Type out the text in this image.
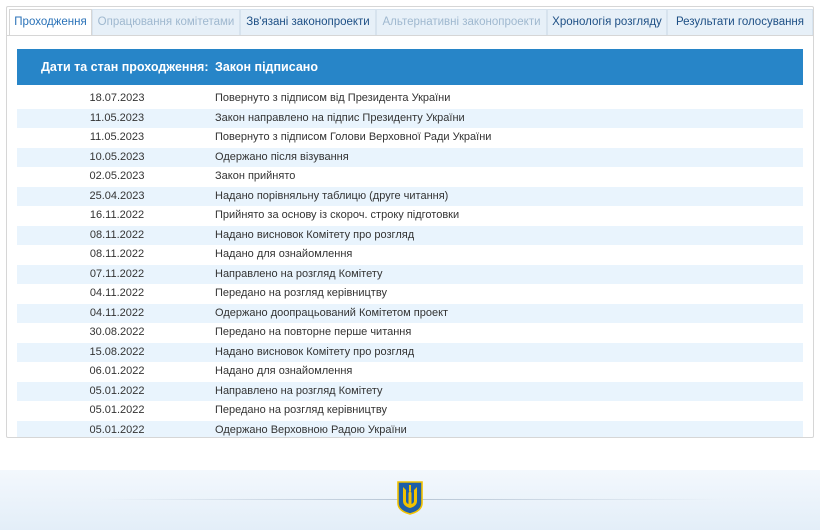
Проходження Опрацювання комітетами	Зв'язані законопроекти	Альтернативні законопроекти	Хронологія розгляду	Результати голосування
Дати та стан проходження: Закон підписано
18.07.2023	Повернуто з підписом від Президента України
11.05.2023	Закон направлено на підпис Президенту України
11.05.2023	Повернуто з підписом Голови Верховної Ради України
10.05.2023	Одержано після візування
02.05.2023	Закон прийнято
25.04.2023	Надано порівняльну таблицю (друге читання)
16.11.2022	Прийнято за основу із скороч. строку підготовки
08.11.2022	Надано висновок Комітету про розгляд
08.11.2022	Надано для ознайомлення
07.11.2022	Направлено на розгляд Комітету
04.11.2022	Передано на розгляд керівництву
04.11.2022	Одержано доопрацьований Комітетом проект
30.08.2022	Передано на повторне перше читання
15.08.2022	Надано висновок Комітету про розгляд
06.01.2022	Надано для ознайомлення
05.01.2022	Направлено на розгляд Комітету
05.01.2022	Передано на розгляд керівництву
05.01.2022	Одержано Верховною Радою України
